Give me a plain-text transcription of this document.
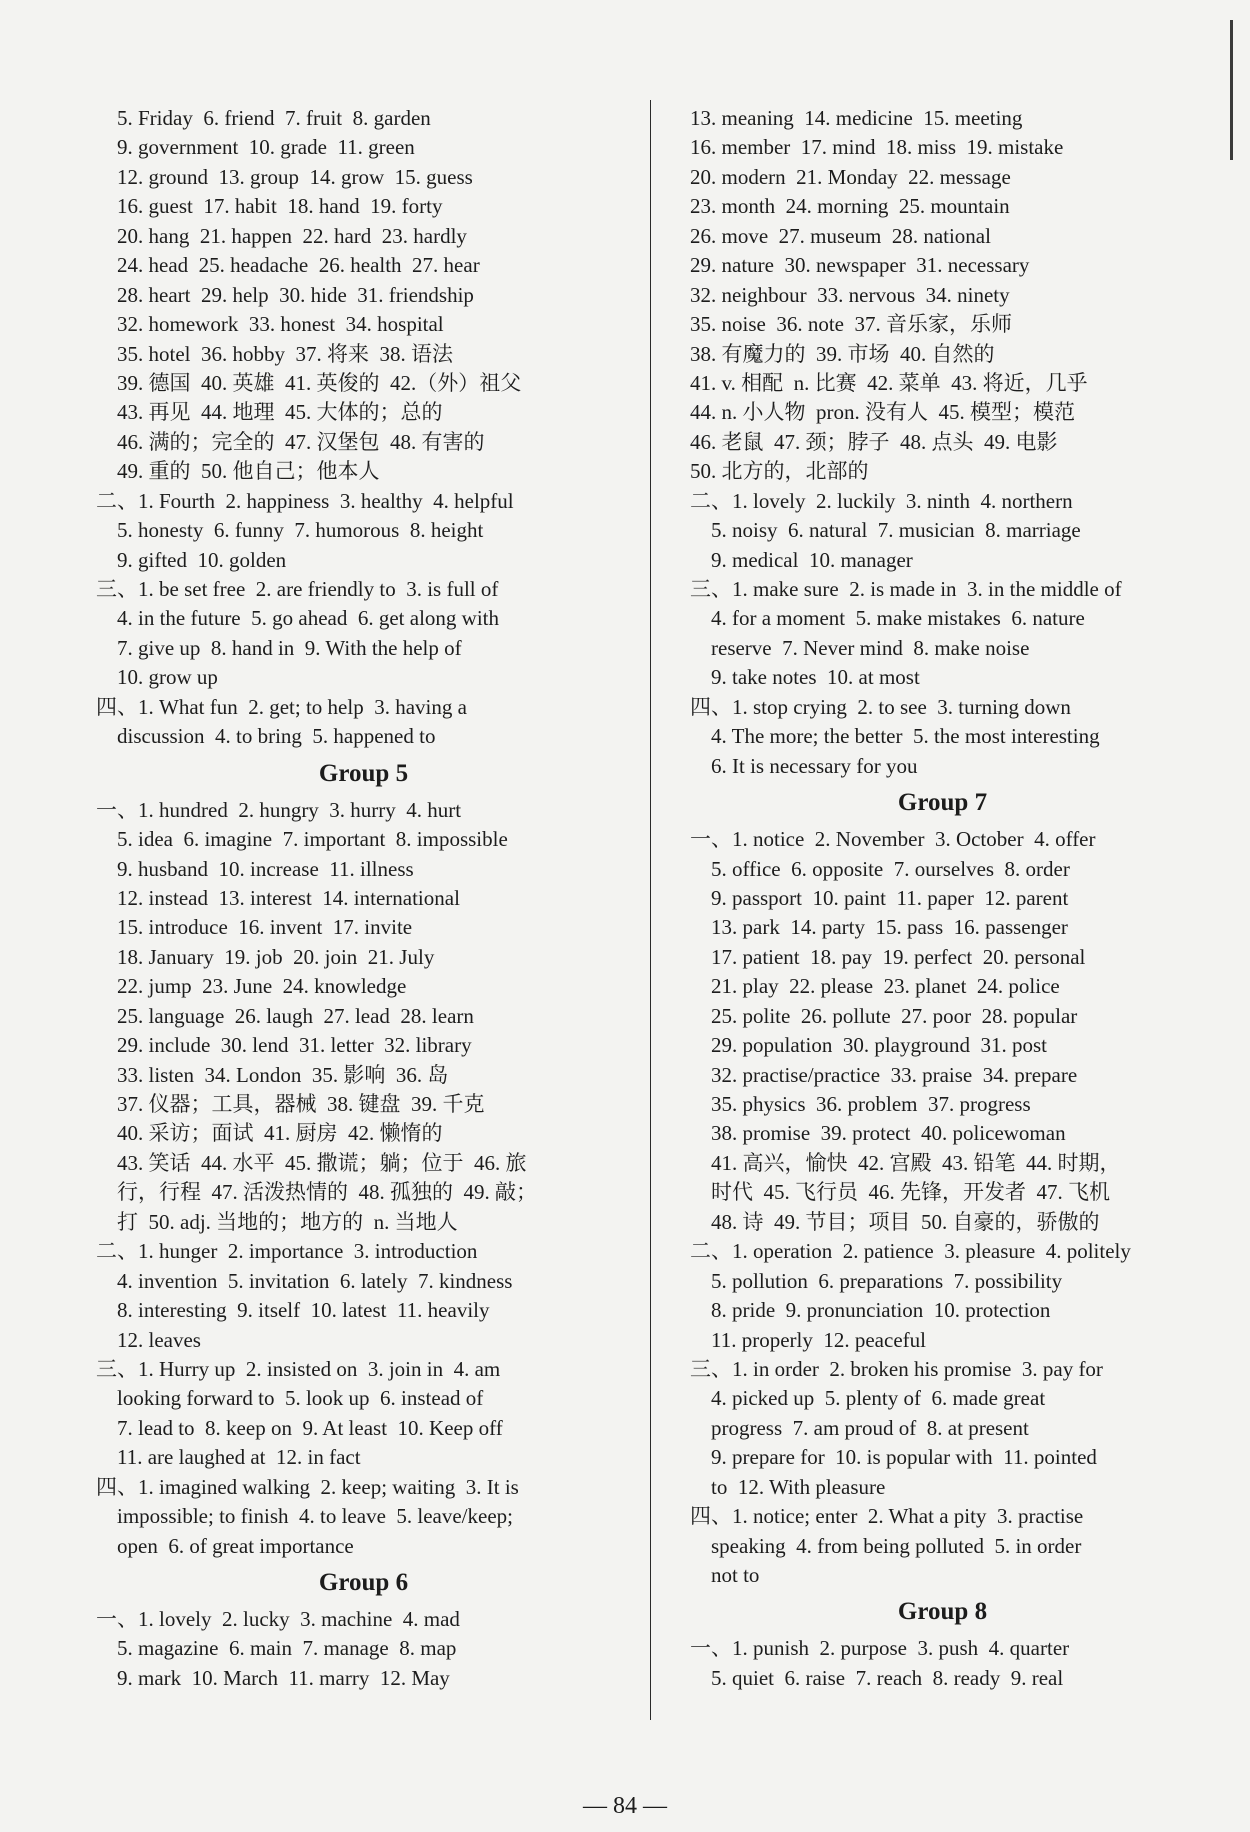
5. Friday  6. friend  7. fruit  8. garden
9. government  10. grade  11. green
12. ground  13. group  14. grow  15. guess
16. guest  17. habit  18. hand  19. forty
20. hang  21. happen  22. hard  23. hardly
24. head  25. headache  26. health  27. hear
28. heart  29. help  30. hide  31. friendship
32. homework  33. honest  34. hospital
35. hotel  36. hobby  37. 将来  38. 语法
39. 德国  40. 英雄  41. 英俊的  42.（外）祖父
43. 再见  44. 地理  45. 大体的；总的
46. 满的；完全的  47. 汉堡包  48. 有害的
49. 重的  50. 他自己；他本人
二、1. Fourth  2. happiness  3. healthy  4. helpful
5. honesty  6. funny  7. humorous  8. height
9. gifted  10. golden
三、1. be set free  2. are friendly to  3. is full of
4. in the future  5. go ahead  6. get along with
7. give up  8. hand in  9. With the help of
10. grow up
四、1. What fun  2. get; to help  3. having a
discussion  4. to bring  5. happened to
Group 5
一、1. hundred  2. hungry  3. hurry  4. hurt
5. idea  6. imagine  7. important  8. impossible
9. husband  10. increase  11. illness
12. instead  13. interest  14. international
15. introduce  16. invent  17. invite
18. January  19. job  20. join  21. July
22. jump  23. June  24. knowledge
25. language  26. laugh  27. lead  28. learn
29. include  30. lend  31. letter  32. library
33. listen  34. London  35. 影响  36. 岛
37. 仪器；工具，器械  38. 键盘  39. 千克
40. 采访；面试  41. 厨房  42. 懒惰的
43. 笑话  44. 水平  45. 撒谎；躺；位于  46. 旅
行，行程  47. 活泼热情的  48. 孤独的  49. 敲；
打  50. adj. 当地的；地方的  n. 当地人
二、1. hunger  2. importance  3. introduction
4. invention  5. invitation  6. lately  7. kindness
8. interesting  9. itself  10. latest  11. heavily
12. leaves
三、1. Hurry up  2. insisted on  3. join in  4. am
looking forward to  5. look up  6. instead of
7. lead to  8. keep on  9. At least  10. Keep off
11. are laughed at  12. in fact
四、1. imagined walking  2. keep; waiting  3. It is
impossible; to finish  4. to leave  5. leave/keep;
open  6. of great importance
Group 6
一、1. lovely  2. lucky  3. machine  4. mad
5. magazine  6. main  7. manage  8. map
9. mark  10. March  11. marry  12. May
13. meaning  14. medicine  15. meeting
16. member  17. mind  18. miss  19. mistake
20. modern  21. Monday  22. message
23. month  24. morning  25. mountain
26. move  27. museum  28. national
29. nature  30. newspaper  31. necessary
32. neighbour  33. nervous  34. ninety
35. noise  36. note  37. 音乐家，乐师
38. 有魔力的  39. 市场  40. 自然的
41. v. 相配  n. 比赛  42. 菜单  43. 将近，几乎
44. n. 小人物  pron. 没有人  45. 模型；模范
46. 老鼠  47. 颈；脖子  48. 点头  49. 电影
50. 北方的，北部的
二、1. lovely  2. luckily  3. ninth  4. northern
5. noisy  6. natural  7. musician  8. marriage
9. medical  10. manager
三、1. make sure  2. is made in  3. in the middle of
4. for a moment  5. make mistakes  6. nature
reserve  7. Never mind  8. make noise
9. take notes  10. at most
四、1. stop crying  2. to see  3. turning down
4. The more; the better  5. the most interesting
6. It is necessary for you
Group 7
一、1. notice  2. November  3. October  4. offer
5. office  6. opposite  7. ourselves  8. order
9. passport  10. paint  11. paper  12. parent
13. park  14. party  15. pass  16. passenger
17. patient  18. pay  19. perfect  20. personal
21. play  22. please  23. planet  24. police
25. polite  26. pollute  27. poor  28. popular
29. population  30. playground  31. post
32. practise/practice  33. praise  34. prepare
35. physics  36. problem  37. progress
38. promise  39. protect  40. policewoman
41. 高兴，愉快  42. 宫殿  43. 铅笔  44. 时期，
时代  45. 飞行员  46. 先锋，开发者  47. 飞机
48. 诗  49. 节目；项目  50. 自豪的，骄傲的
二、1. operation  2. patience  3. pleasure  4. politely
5. pollution  6. preparations  7. possibility
8. pride  9. pronunciation  10. protection
11. properly  12. peaceful
三、1. in order  2. broken his promise  3. pay for
4. picked up  5. plenty of  6. made great
progress  7. am proud of  8. at present
9. prepare for  10. is popular with  11. pointed
to  12. With pleasure
四、1. notice; enter  2. What a pity  3. practise
speaking  4. from being polluted  5. in order
not to
Group 8
一、1. punish  2. purpose  3. push  4. quarter
5. quiet  6. raise  7. reach  8. ready  9. real
— 84 —
